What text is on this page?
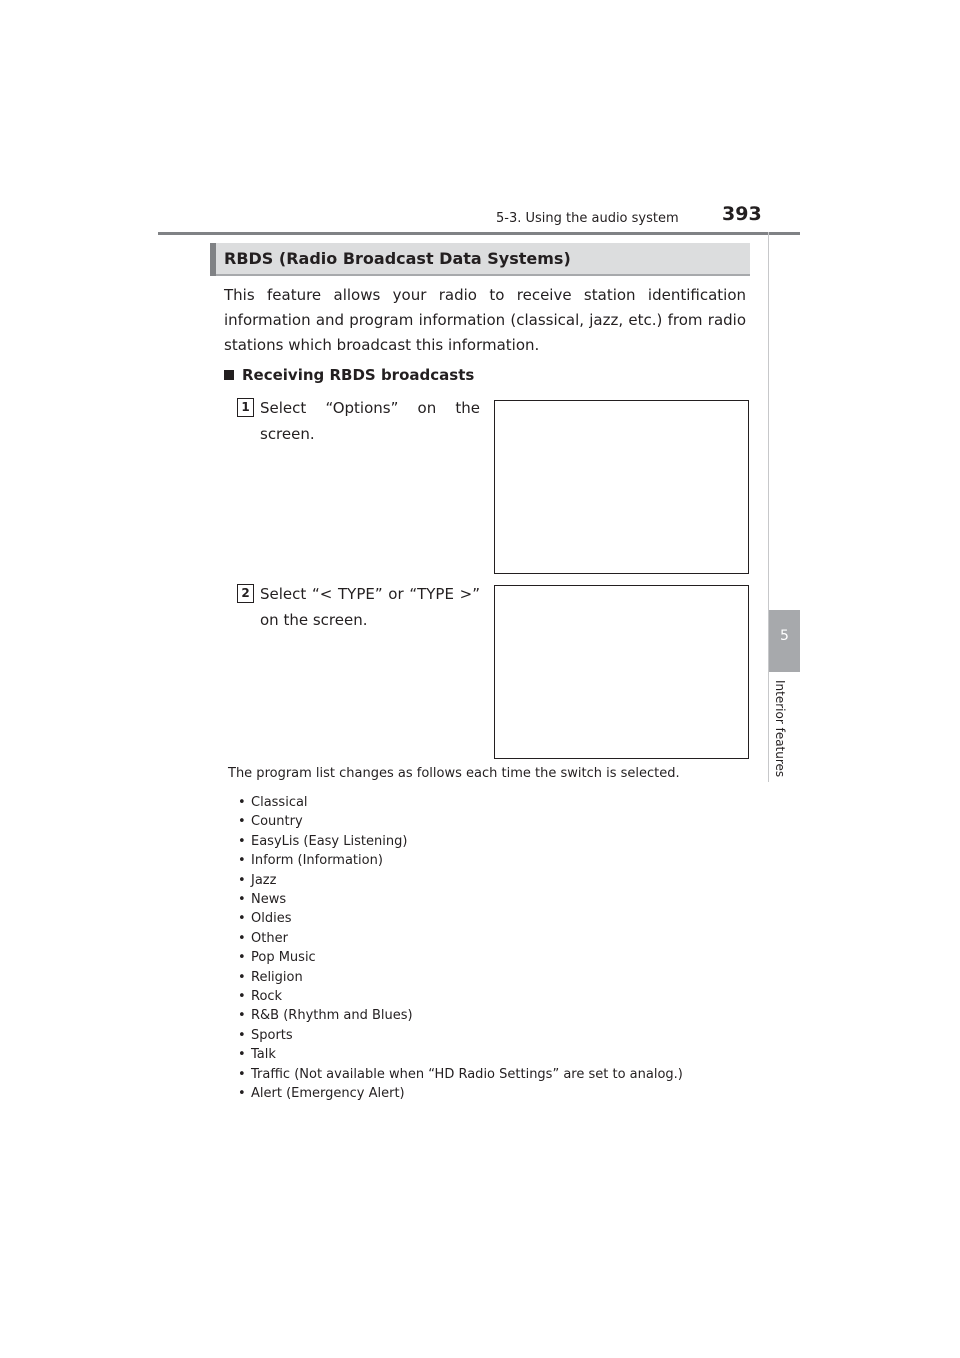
5-3. Using the audio system 393
5
Interior features
RBDS (Radio Broadcast Data Systems)

This feature allows your radio to receive station identification information and program information (classical, jazz, etc.) from radio stations which broadcast this information.

Receiving RBDS broadcasts
1 Select “Options” on the screen.
2 Select “< TYPE” or “TYPE >” on the screen.
The program list changes as follows each time the switch is selected.
• Classical
• Country
• EasyLis (Easy Listening)
• Inform (Information)
• Jazz
• News
• Oldies
• Other
• Pop Music
• Religion
• Rock
• R&B (Rhythm and Blues)
• Sports
• Talk
• Traffic (Not available when “HD Radio Settings” are set to analog.)
• Alert (Emergency Alert)
